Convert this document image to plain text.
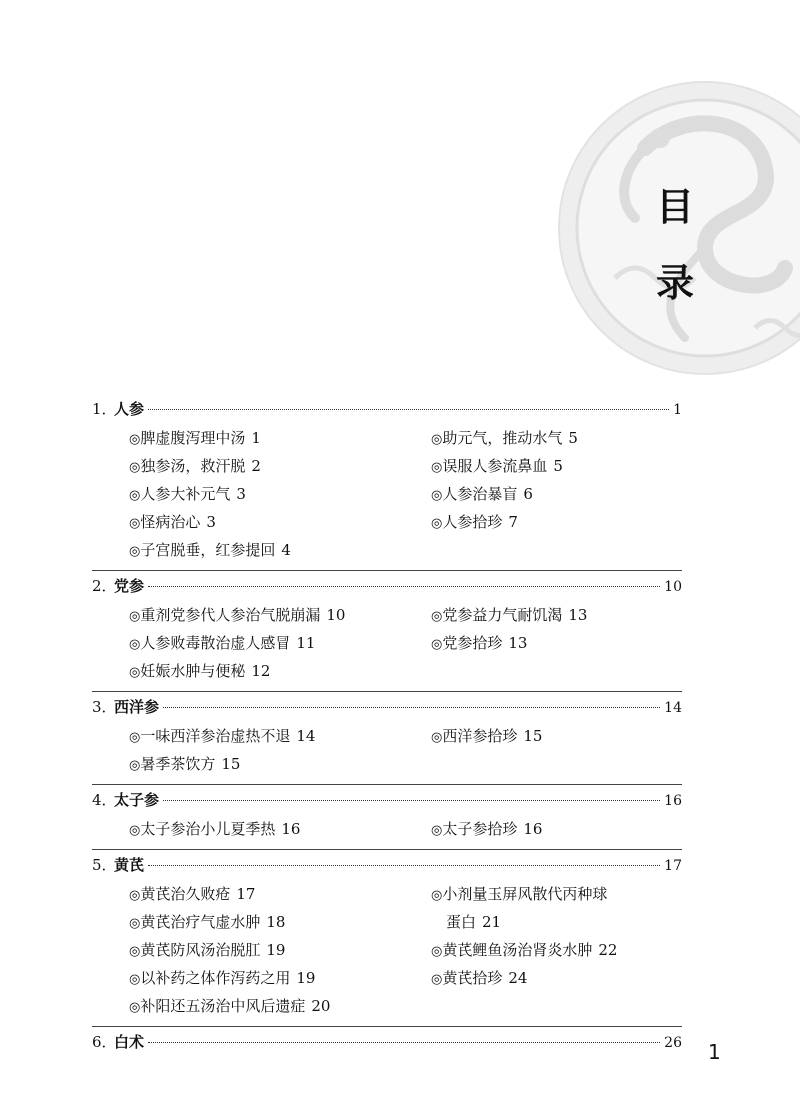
目
录
1．
人参	1
◎脾虚腹泻理中汤 1
◎独参汤，救汗脱 2
◎人参大补元气 3
◎怪病治心 3
◎子宫脱垂，红参提回 4
◎助元气，推动水气 5
◎误服人参流鼻血 5
◎人参治暴盲 6
◎人参拾珍 7
2．
党参	10
◎重剂党参代人参治气脱崩漏 10
◎人参败毒散治虚人感冒 11
◎妊娠水肿与便秘 12
◎党参益力气耐饥渴 13
◎党参拾珍 13
3．
西洋参	14
◎一味西洋参治虚热不退 14
◎暑季茶饮方 15
◎西洋参拾珍 15
4．
太子参	16
◎太子参治小儿夏季热 16	◎太子参拾珍 16
5．
黄芪	17
◎黄芪治久败疮 17
◎黄芪治疗气虚水肿 18
◎黄芪防风汤治脱肛 19
◎以补药之体作泻药之用 19
◎补阳还五汤治中风后遗症 20
◎小剂量玉屏风散代丙种球
蛋白 21
◎黄芪鲤鱼汤治肾炎水肿 22
◎黄芪拾珍 24
6．
白术	26 1
